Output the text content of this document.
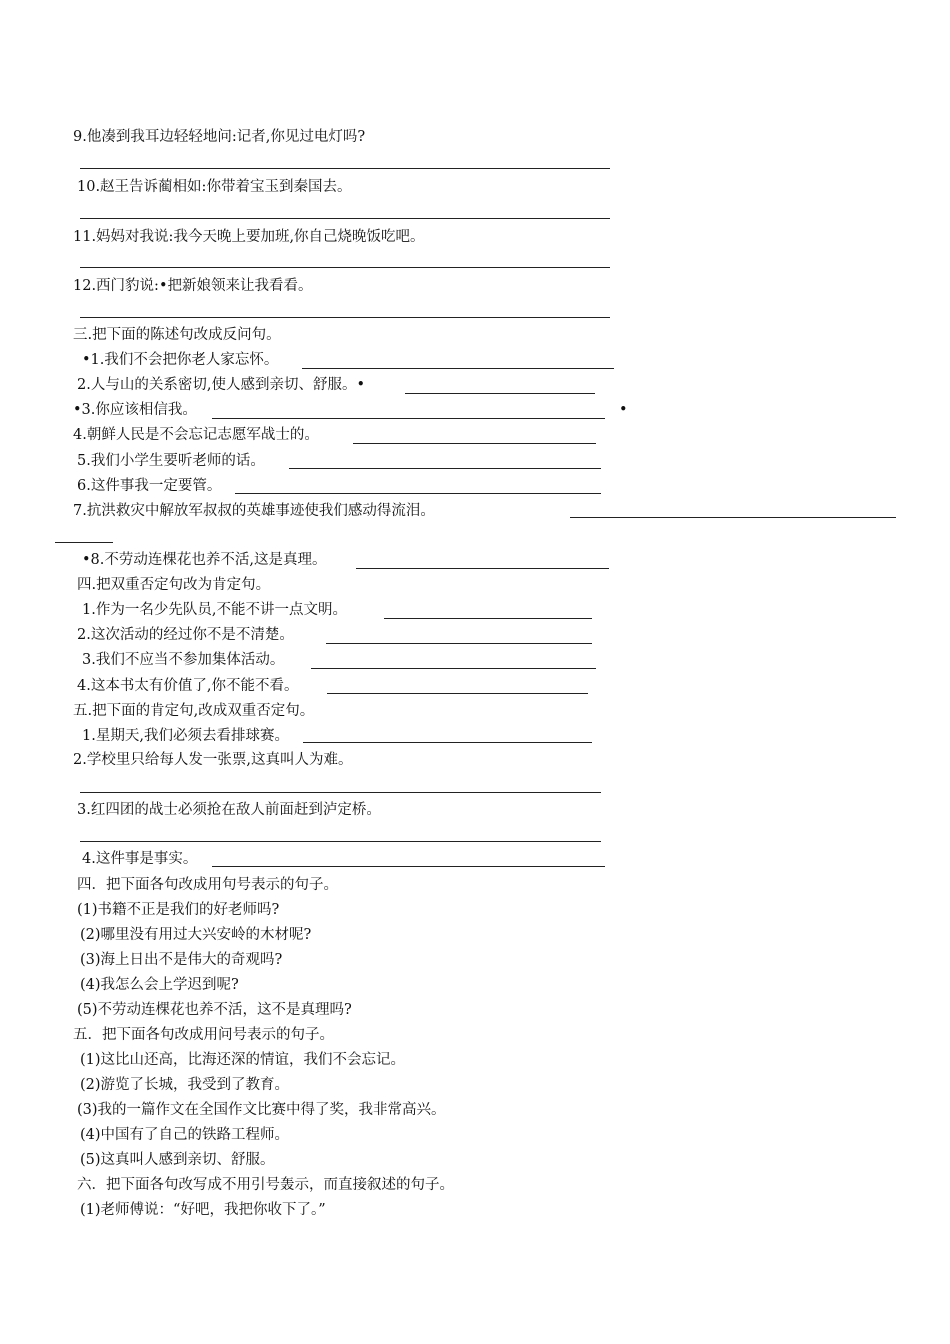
9.他凑到我耳边轻轻地问:记者,你见过电灯吗?
10.赵王告诉蔺相如:你带着宝玉到秦国去。
11.妈妈对我说:我今天晚上要加班,你自己烧晚饭吃吧。
12.西门豹说:•把新娘领来让我看看。
三.把下面的陈述句改成反问句。
•1.我们不会把你老人家忘怀。
2.人与山的关系密切,使人感到亲切、舒服。•
•3.你应该相信我。
4.朝鲜人民是不会忘记志愿军战士的。
5.我们小学生要听老师的话。
6.这件事我一定要管。
7.抗洪救灾中解放军叔叔的英雄事迹使我们感动得流泪。
•8.不劳动连棵花也养不活,这是真理。
四.把双重否定句改为肯定句。
1.作为一名少先队员,不能不讲一点文明。
2.这次活动的经过你不是不清楚。
3.我们不应当不参加集体活动。
4.这本书太有价值了,你不能不看。
五.把下面的肯定句,改成双重否定句。
1.星期天,我们必须去看排球赛。
2.学校里只给每人发一张票,这真叫人为难。
3.红四团的战士必须抢在敌人前面赶到泸定桥。
4.这件事是事实。
四．把下面各句改成用句号表示的句子。
(1)书籍不正是我们的好老师吗?
(2)哪里没有用过大兴安岭的木材呢?
(3)海上日出不是伟大的奇观吗?
(4)我怎么会上学迟到呢?
(5)不劳动连棵花也养不活，这不是真理吗?
五．把下面各句改成用问号表示的句子。
(1)这比山还高，比海还深的情谊，我们不会忘记。
(2)游览了长城，我受到了教育。
(3)我的一篇作文在全国作文比赛中得了奖，我非常高兴。
(4)中国有了自己的铁路工程师。
(5)这真叫人感到亲切、舒服。
六．把下面各句改写成不用引号轰示，而直接叙述的句子。
(1)老师傅说：“好吧，我把你收下了。”
•
